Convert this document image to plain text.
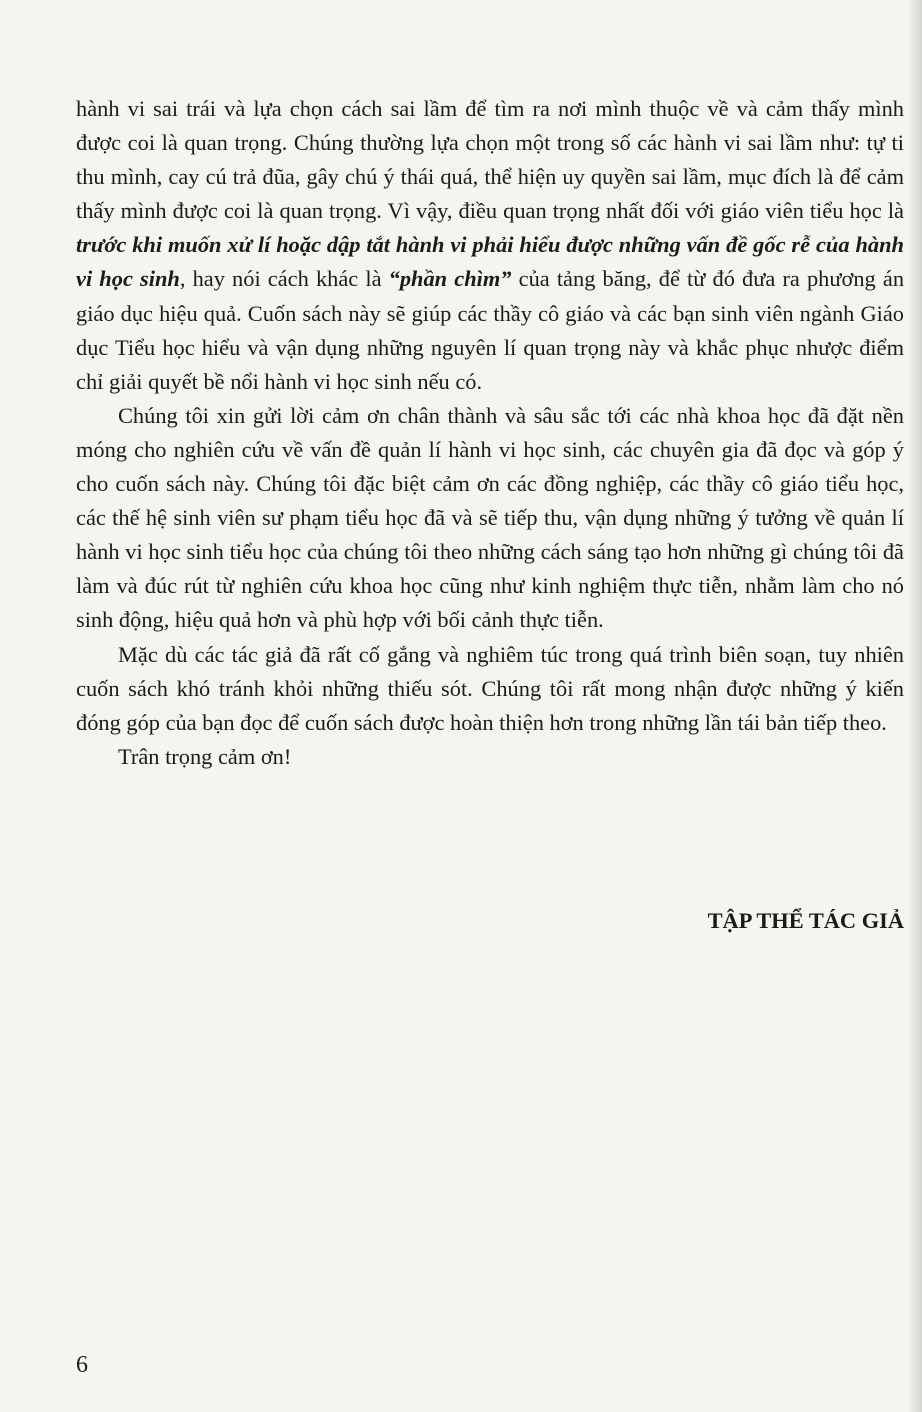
hành vi sai trái và lựa chọn cách sai lầm để tìm ra nơi mình thuộc về và cảm thấy mình được coi là quan trọng. Chúng thường lựa chọn một trong số các hành vi sai lầm như: tự ti thu mình, cay cú trả đũa, gây chú ý thái quá, thể hiện uy quyền sai lầm, mục đích là để cảm thấy mình được coi là quan trọng. Vì vậy, điều quan trọng nhất đối với giáo viên tiểu học là trước khi muốn xử lí hoặc dập tắt hành vi phải hiểu được những vấn đề gốc rễ của hành vi học sinh, hay nói cách khác là “phần chìm” của tảng băng, để từ đó đưa ra phương án giáo dục hiệu quả. Cuốn sách này sẽ giúp các thầy cô giáo và các bạn sinh viên ngành Giáo dục Tiểu học hiểu và vận dụng những nguyên lí quan trọng này và khắc phục nhược điểm chỉ giải quyết bề nổi hành vi học sinh nếu có.

Chúng tôi xin gửi lời cảm ơn chân thành và sâu sắc tới các nhà khoa học đã đặt nền móng cho nghiên cứu về vấn đề quản lí hành vi học sinh, các chuyên gia đã đọc và góp ý cho cuốn sách này. Chúng tôi đặc biệt cảm ơn các đồng nghiệp, các thầy cô giáo tiểu học, các thế hệ sinh viên sư phạm tiểu học đã và sẽ tiếp thu, vận dụng những ý tưởng về quản lí hành vi học sinh tiểu học của chúng tôi theo những cách sáng tạo hơn những gì chúng tôi đã làm và đúc rút từ nghiên cứu khoa học cũng như kinh nghiệm thực tiễn, nhằm làm cho nó sinh động, hiệu quả hơn và phù hợp với bối cảnh thực tiễn.

Mặc dù các tác giả đã rất cố gắng và nghiêm túc trong quá trình biên soạn, tuy nhiên cuốn sách khó tránh khỏi những thiếu sót. Chúng tôi rất mong nhận được những ý kiến đóng góp của bạn đọc để cuốn sách được hoàn thiện hơn trong những lần tái bản tiếp theo.

Trân trọng cảm ơn!

TẬP THỂ TÁC GIẢ
6
